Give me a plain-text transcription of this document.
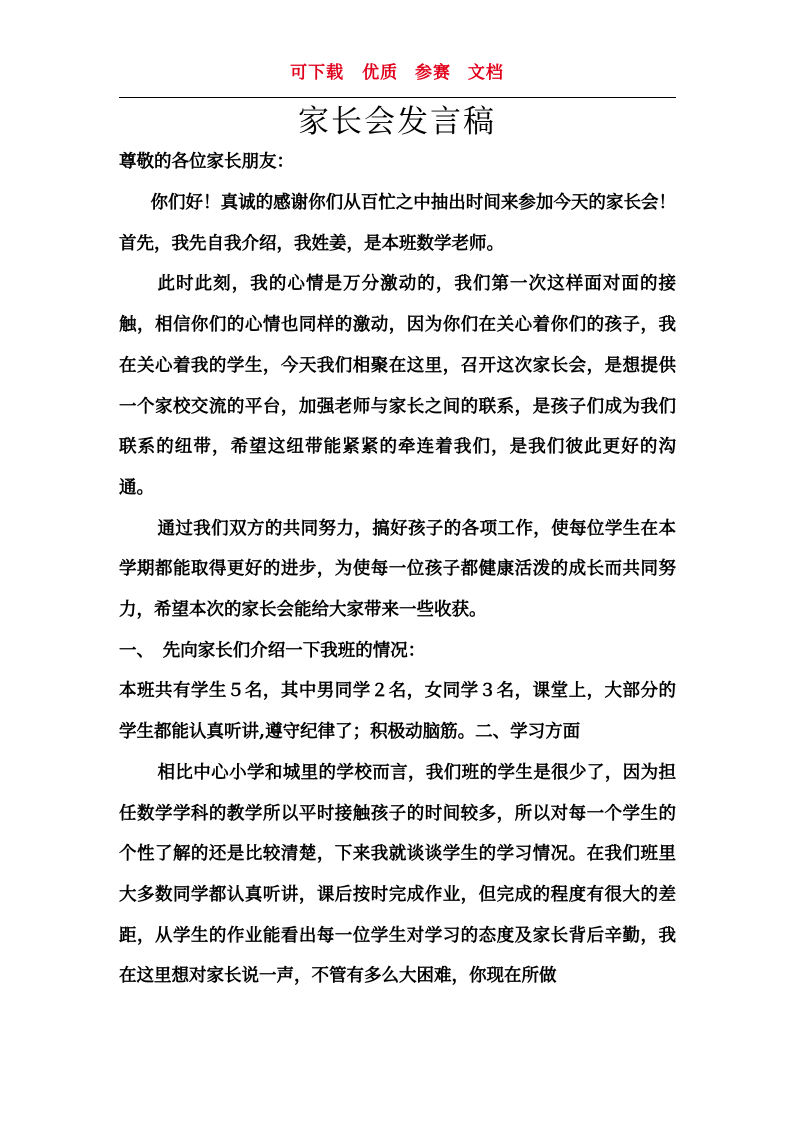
可下载　优质 参赛 文档
家长会发言稿

尊敬的各位家长朋友：

你们好！真诚的感谢你们从百忙之中抽出时间来参加今天的家长会！首先，我先自我介绍，我姓姜，是本班数学老师。

此时此刻，我的心情是万分激动的，我们第一次这样面对面的接触，相信你们的心情也同样的激动，因为你们在关心着你们的孩子，我在关心着我的学生，今天我们相聚在这里，召开这次家长会，是想提供一个家校交流的平台，加强老师与家长之间的联系，是孩子们成为我们联系的纽带，希望这纽带能紧紧的牵连着我们，是我们彼此更好的沟通。

通过我们双方的共同努力，搞好孩子的各项工作，使每位学生在本学期都能取得更好的进步，为使每一位孩子都健康活泼的成长而共同努力，希望本次的家长会能给大家带来一些收获。

一、　先向家长们介绍一下我班的情况：

本班共有学生５名，其中男同学２名，女同学３名，课堂上，大部分的学生都能认真听讲,遵守纪律了；积极动脑筋。二、学习方面

相比中心小学和城里的学校而言，我们班的学生是很少了，因为担任数学学科的教学所以平时接触孩子的时间较多，所以对每一个学生的个性了解的还是比较清楚，下来我就谈谈学生的学习情况。在我们班里大多数同学都认真听讲，课后按时完成作业，但完成的程度有很大的差距，从学生的作业能看出每一位学生对学习的态度及家长背后辛勤，我在这里想对家长说一声，不管有多么大困难，你现在所做
